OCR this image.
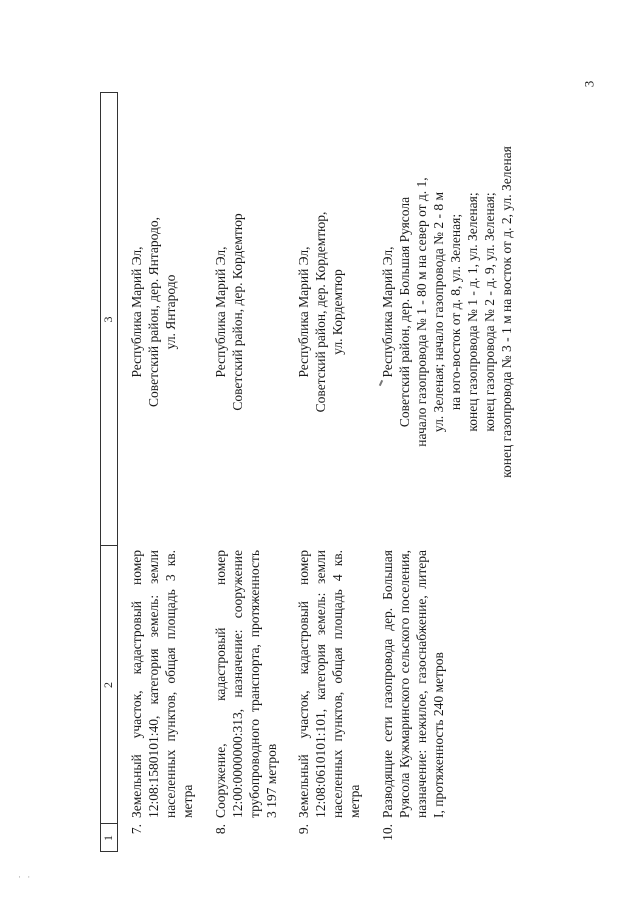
3
1
2
3
7.
Земельный участок, кадастровый номер 12:08:1580101:40, категория земель: земли населенных пунктов, общая площадь 3 кв. метра
Республика Марий Эл,
Советский район, дер. Янтародо,
ул. Янтародо
8.
Сооружение, кадастровый номер 12:00:0000000:313, назначение: сооружение трубопроводного транспорта, протяженность 3 197 метров
Республика Марий Эл,
Советский район, дер. Кордемтюр
9.
Земельный участок, кадастровый номер 12:08:0610101:101, категория земель: земли населенных пунктов, общая площадь 4 кв. метра
Республика Марий Эл,
Советский район, дер. Кордемтюр,
ул. Кордемтюр
10.
Разводящие сети газопровода дер. Большая Руясола Кужмаринского сельского поселения, назначение: нежилое, газоснабжение, литера I, протяженность 240 метров
Республика Марий Эл,
Советский район, дер. Большая Руясола
начало газопровода № 1 - 80 м на север от д. 1,
ул. Зеленая; начало газопровода № 2 - 8 м
на юго-восток от д. 8, ул. Зеленая;
конец газопровода № 1 - д. 1, ул. Зеленая;
конец газопровода № 2 - д. 9, ул. Зеленая;
конец газопровода № 3 - 1 м на восток от д. 2, ул. Зеленая
· ·
